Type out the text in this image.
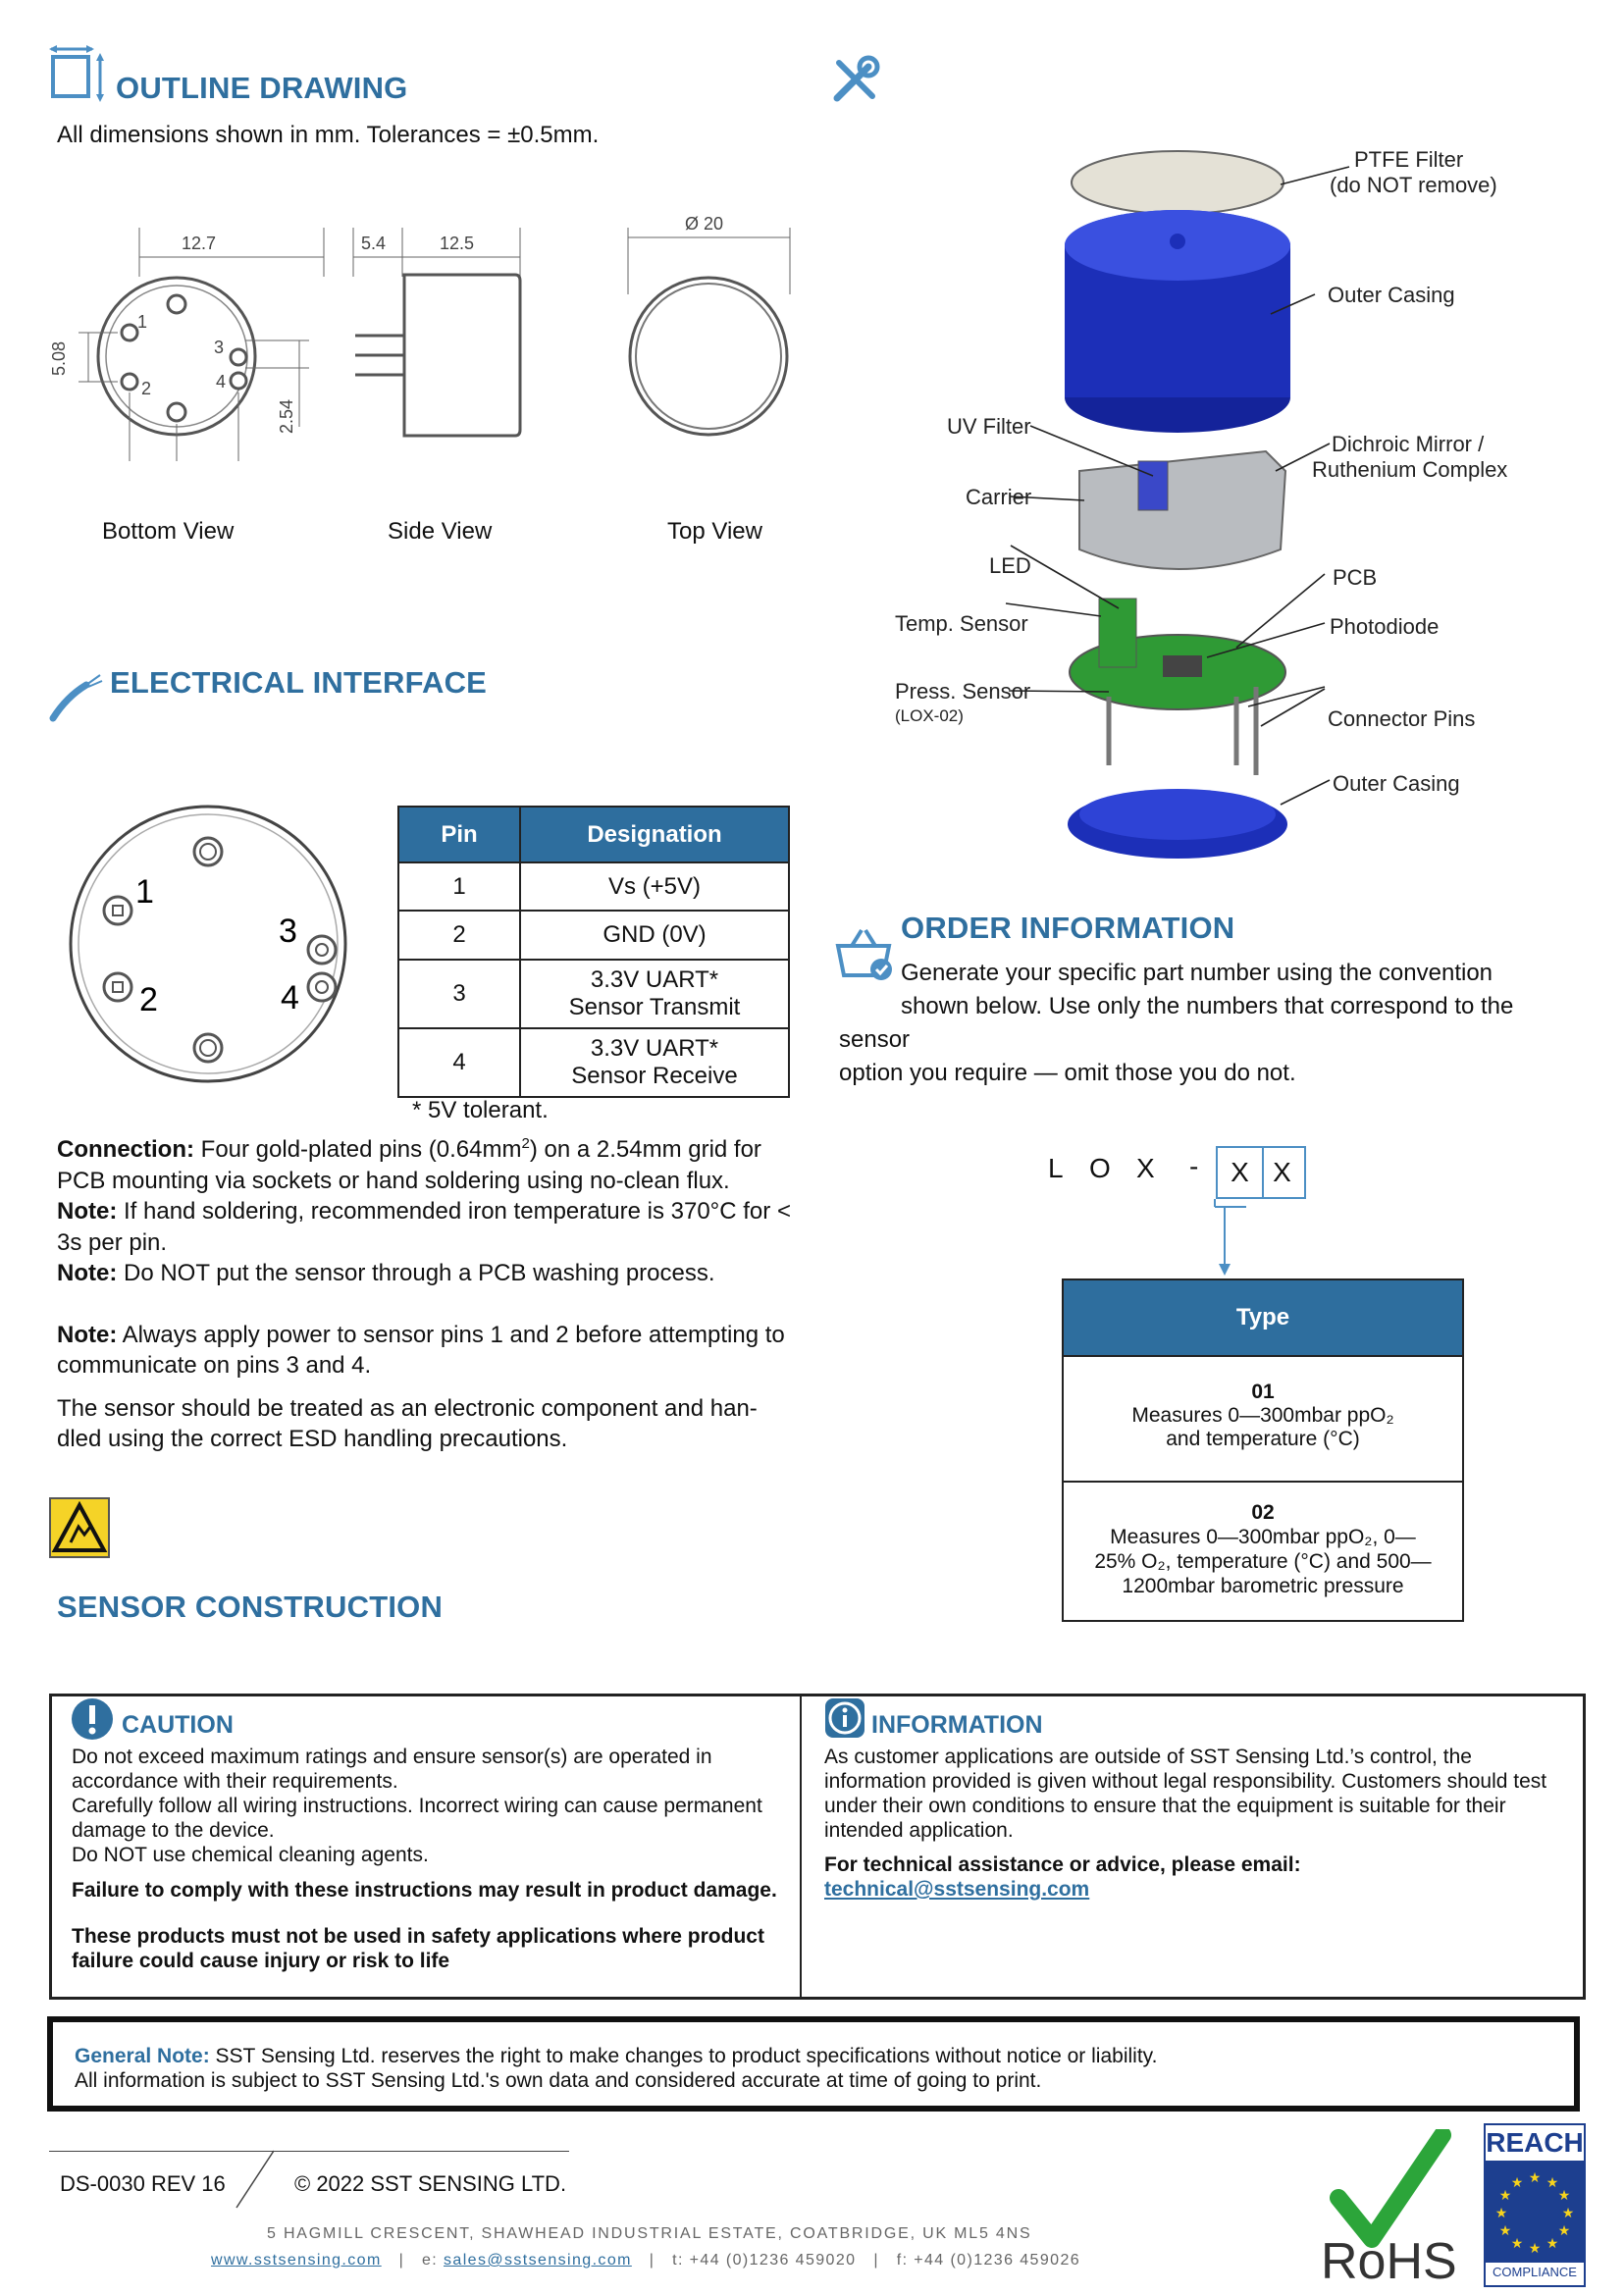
OUTLINE DRAWING
All dimensions shown in mm. Tolerances = ±0.5mm.
12.7
1
2
3
4
5.08
2.54
5.4	12.5
Ø 20
Bottom View	Side View	Top View
PTFE Filter
(do NOT remove)
Outer Casing
UV Filter
Dichroic Mirror /
Ruthenium Complex
Carrier
LED	PCB
Temp. Sensor	Photodiode
Press. Sensor
(LOX-02)	Connector Pins
Outer Casing
ELECTRICAL INTERFACE
1
2
3
4
Pin	Designation
1	Vs (+5V)
2	GND (0V)
3	3.3V UART*
Sensor Transmit
4	3.3V UART*
Sensor Receive
* 5V tolerant.
Connection: Four gold-plated pins $(0.64mm^2)$ on a 2.54mm grid for PCB mounting via sockets or hand soldering using no-clean flux.
Note: If hand soldering, recommended iron temperature is 370°C for < 3s per pin.
Note: Do NOT put the sensor through a PCB washing process.
Note: Always apply power to sensor pins 1 and 2 before attempting to communicate on pins 3 and 4.
The sensor should be treated as an electronic component and han-dled using the correct ESD handling precautions.
SENSOR CONSTRUCTION
ORDER INFORMATION
Generate your specific part number using the convention
shown below. Use only the numbers that correspond to the
sensor
option you require — omit those you do not.
L O X -	X X
Type
01
Measures 0—300mbar ppO₂
and temperature (°C)
02
Measures 0—300mbar ppO₂, 0—
25% O₂, temperature (°C) and 500—
1200mbar barometric pressure
CAUTION
Do not exceed maximum ratings and ensure sensor(s) are operated in accordance with their requirements.
Carefully follow all wiring instructions. Incorrect wiring can cause permanent damage to the device.
Do NOT use chemical cleaning agents.
Failure to comply with these instructions may result in product damage.
These products must not be used in safety applications where product failure could cause injury or risk to life
INFORMATION
As customer applications are outside of SST Sensing Ltd.’s control, the information provided is given without legal responsibility. Customers should test under their own conditions to ensure that the equipment is suitable for their intended application.
For technical assistance or advice, please email:
technical@sstsensing.com
General Note: SST Sensing Ltd. reserves the right to make changes to product specifications without notice or liability.
All information is subject to SST Sensing Ltd.'s own data and considered accurate at time of going to print.
DS-0030 REV 16	© 2022 SST SENSING LTD.
5 HAGMILL CRESCENT, SHAWHEAD INDUSTRIAL ESTATE, COATBRIDGE, UK ML5 4NS
www.sstsensing.com | e: sales@sstsensing.com | t: +44 (0)1236 459020 | f: +44 (0)1236 459026	RoHS
REACH
★ ★
★
★
★
★
★
★
★
★
★
★
COMPLIANCE
